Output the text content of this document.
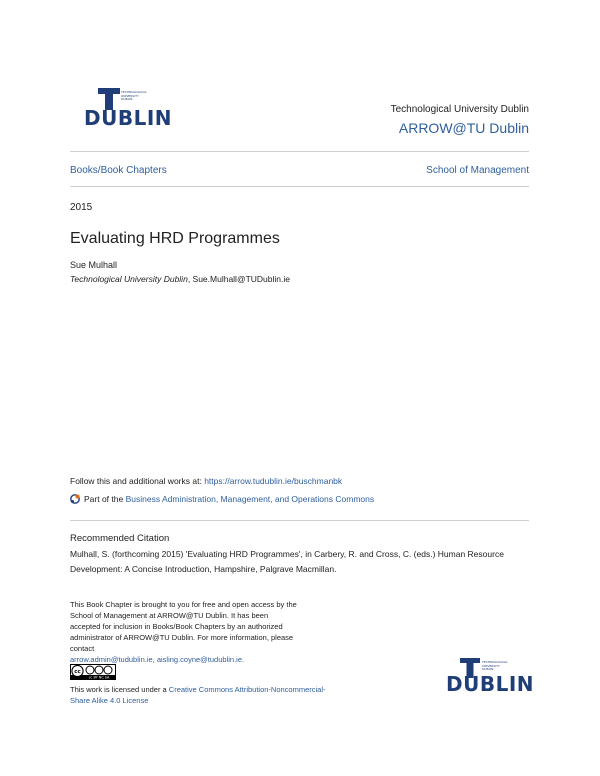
TECHNOLOGICAL
UNIVERSITY
DUBLIN
DUBLIN	Technological University Dublin
ARROW@TU Dublin
Books/Book Chapters	School of Management
2015
Evaluating HRD Programmes
Sue Mulhall
Technological University Dublin, Sue.Mulhall@TUDublin.ie
Follow this and additional works at: https://arrow.tudublin.ie/buschmanbk
Part of the
Business Administration, Management, and Operations Commons
Recommended Citation
Mulhall, S. (forthcoming 2015) 'Evaluating HRD Programmes', in Carbery, R. and Cross, C. (eds.) Human Resource Development: A Concise Introduction, Hampshire, Palgrave Macmillan.
This Book Chapter is brought to you for free and open access by the School of Management at ARROW@TU Dublin. It has been accepted for inclusion in Books/Book Chapters by an authorized administrator of ARROW@TU Dublin. For more information, please contact
arrow.admin@tudublin.ie, aisling.coyne@tudublin.ie.
cc
cc BY NC SA
This work is licensed under a Creative Commons Attribution-Noncommercial-Share Alike 4.0 License
TECHNOLOGICAL
UNIVERSITY
DUBLIN
DUBLIN
